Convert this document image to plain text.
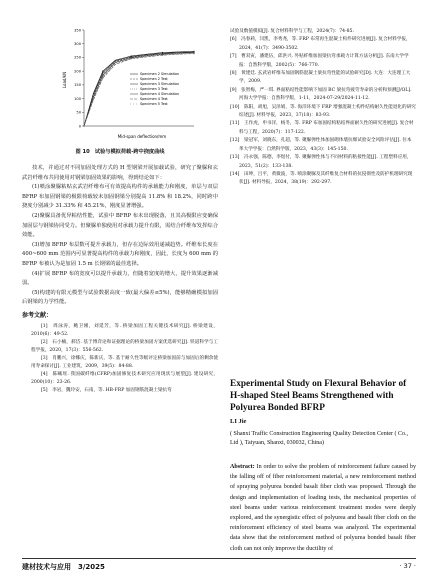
0
50
100
150
200
250
300
350
Specimen 2 Simulation
Specimen 2 Test
Specimen 3 Simulation
Specimen 3 Test
Specimen 4 Simulation
Specimen 4 Test
Specimen 5 Test
Load/kN
Mid-span deflection/mm
图 10　试验与模拟荷载-跨中挠度曲线

技术，并通过对不同加固处理方式的 H 型钢梁开展加载试验，研究了聚脲和玄武岩纤维布共同使用对钢梁加固效果的影响，得到结论如下：

(1)喷涂聚脲粘贴玄武岩纤维布可有效提高构件的承载能力和刚度，单层与双层 BFRP 布加固钢梁的极限荷载较未加固钢梁分别提高 11.8% 和 18.2%，同时跨中挠度分别减少 31.33% 和 45.21%，刚度显著增强。

(2)聚脲具备优异粘结性能，试验中 BFRP 布未出现脱落，且其高极限应变确保加固层与钢梁协同受力。但聚脲单独使用对承载力提升有限，需结合纤维布发挥综合效能。

(3)增加 BFRP 布层数可提升承载力，但存在边际效用递减趋势。纤维布长度在 400~600 mm 范围内可显著提高构件的承载力和刚度，因此，长度为 600 mm 的 BFRP 布被认为是加固 1.5 m 长钢梁的最佳选择。

(4)扩展 BFRP 布的宽度可以提升承载力，但随着宽度的增大，提升效果逐渐减弱。

(5)构建的有限元模型与试验数据高度一致(最大偏差≤5%)，能够精确模拟加固后钢梁的力学性能。

参考文献：

[1]　周泳涛，鲍卫刚，刘延芳，等. 桥梁加固工程关键技术研究[J]. 桥梁建设，2010(6)：49-52.

[2]　石小楠，郝岱. 基于博弈论和证据理论的桥梁加固方案优选研究[J]. 铁道科学与工程学报，2020，17(3)：556-562.

[3]　肖鹏兴，徐娜庆，陈新庆，等. 基于耐久性等级评定桥梁加固前与加固后的剩余使用寿命探讨[J]. 工业建筑，2009，39(5)：84-88.

[4]　陈曦瑶. 我国碳纤维(CFRP)加固修复技术研究应用现状与展望[J]. 建设研究，2000(10)：23-26.

[5]　李岩，魏玲安，石南，等. HB-FRP 加固钢筋混凝土梁抗弯

试验及数值模拟[J]. 复合材料科学与工程，2024(7)：74-85.

[6]　冯春莉，闫凯，李秀尧，等. FRP 布常再生混凝土构件研究进展[J]. 复合材料学报，2024，41(7)：3490-3502.

[7]　曹双寅，潘建伍，邱洪兴. 外贴纤维加固梁抗弯承载力计算方法分析[J]. 东南大学学报：自然科学版，2002(5)：766-770.

[8]　黄建廷. 玄武岩纤维布加固钢筋混凝土梁抗弯性能的试验研究[D]. 大连：大连理工大学，2009.

[9]　张智梅，严一琪. 界面粘结性能影响下加固 BC 梁抗弯疲劳寿命的分析和预测[J/OL]. 河海大学学报：自然科学版，1-11，2024-07-29/2024-11-12.

[10]　陈阳，胡旭，吴泽娟，等. 海洋环境下 FRP 增强混凝土构件结构耐久性能退化的研究综述[J]. 材料导报，2023，37(18)：83-93.

[11]　王作虎，申书洋，杨冬，等. FRP 布加固结构粘结界面耐久性的研究进展[J]. 复合材料与工程，2020(7)：117-122.

[12]　梁冠军，刘晓东，孔超，等. 聚脲弹性体加固砌体墙抗爆试验安全风险评估[J]. 住本革大学学报：自然科学版，2023，43(3)：145-150.

[13]　冯永强，陈德，李煜付，等. 聚脲弹性体与不同材料的粘接性能[J]. 工程塑料应用，2023，51(2)：133-138.

[14]　田坤，吕平，黄微波，等. 喷涂聚脲及其纤维复合材料的抗侵彻性及防护机理研究现状[J]. 材料导报，2024，38(19)：292-297.

Experimental Study on Flexural Behavior of H-shaped Steel Beams Strengthened with Polyurea Bonded BFRP
LI Jie
( Shanxi Traffic Construction Engineering Quality Detection Center ( Co., Ltd ), Taiyuan, Shanxi, 030032, China)
Abstract: In order to solve the problem of reinforcement failure caused by the falling off of fiber reinforcement material, a new reinforcement method of spraying polyurea bonded basalt fiber cloth was proposed. Through the design and implementation of loading tests, the mechanical properties of steel beams under various reinforcement treatment modes were deeply explored, and the synergistic effect of polyurea and basalt fiber cloth on the reinforcement efficiency of steel beams was analyzed. The experimental data show that the reinforcement method of polyurea bonded basalt fiber cloth can not only improve the ductility of
建材技术与应用　3/2025	· 37 ·
